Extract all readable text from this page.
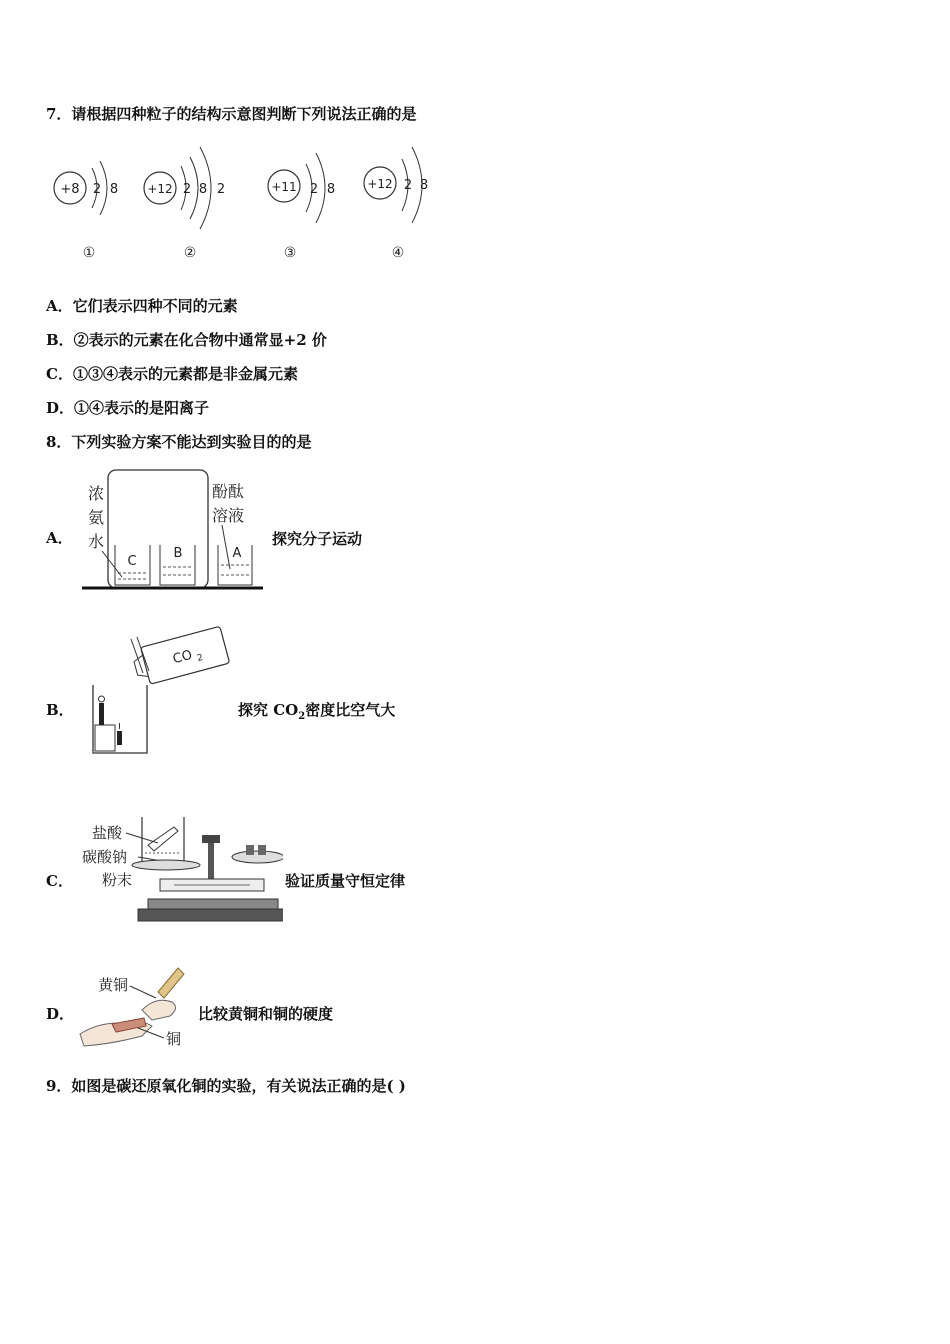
7．请根据四种粒子的结构示意图判断下列说法正确的是
+8 2 8
①
+12 2 8 2
②
+11 2 8
③
+12 2 8
④
A．它们表示四种不同的元素
B．②表示的元素在化合物中通常显+2 价
C．①③④表示的元素都是非金属元素
D．①④表示的是阳离子
8．下列实验方案不能达到实验目的的是
A．
C
B	A
浓
氨
水
酚酞
溶液
探究分子运动
B．
CO 2
探究 $CO_2$密度比空气大
C．
盐酸
碳酸钠
粉末	验证质量守恒定律
D．
黄铜
铜
比较黄铜和铜的硬度
9．如图是碳还原氧化铜的实验，有关说法正确的是( )
